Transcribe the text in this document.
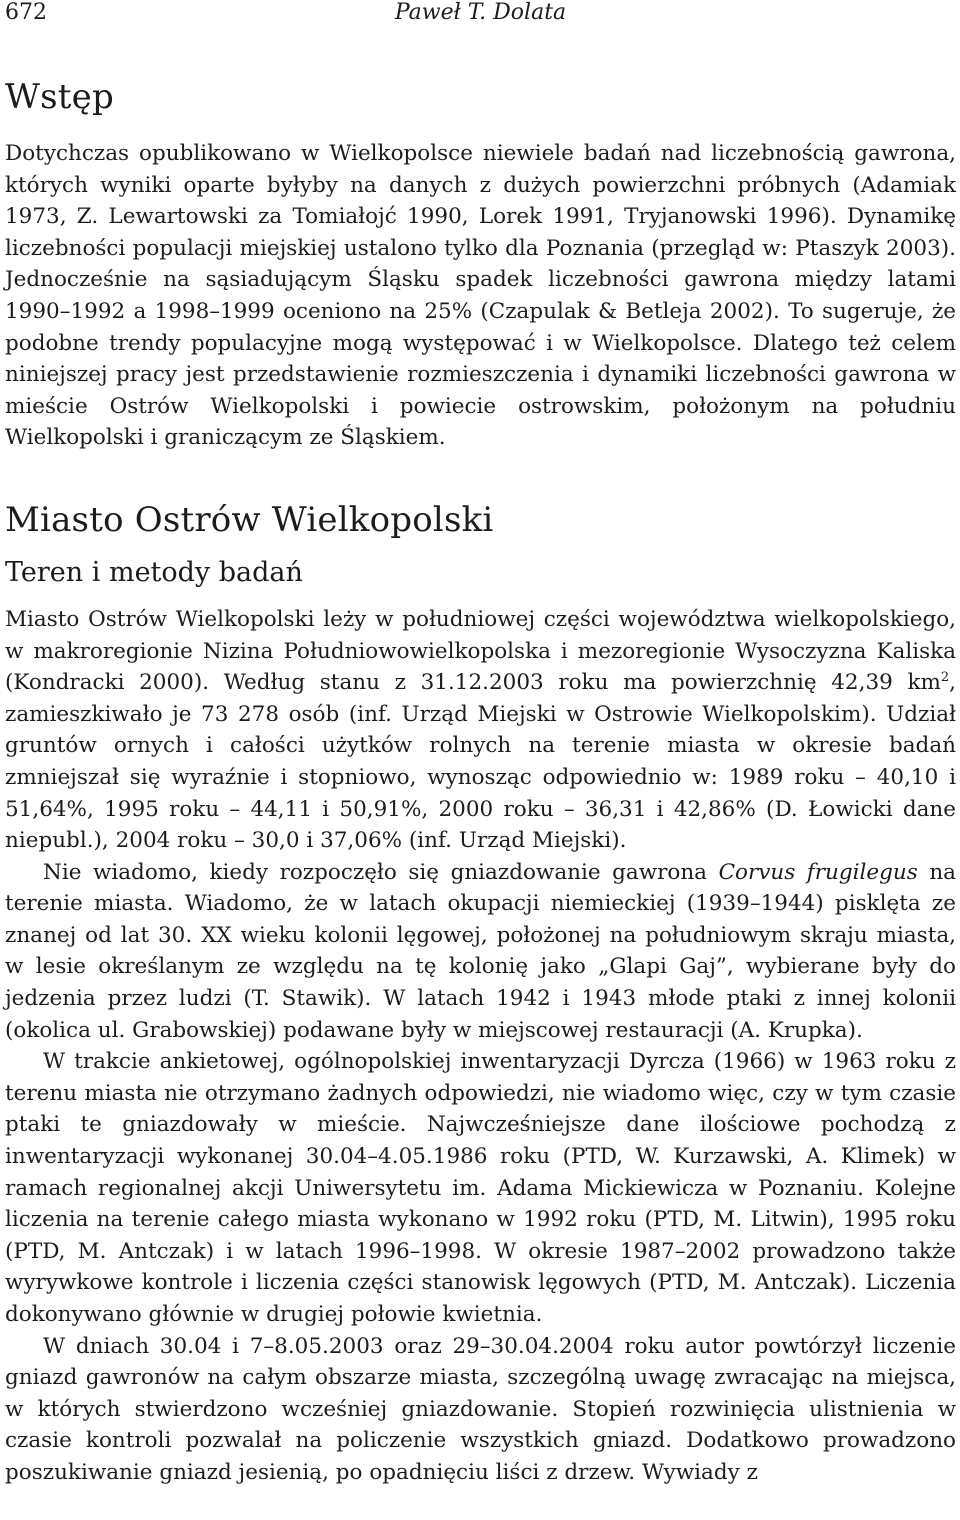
672	Paweł T. Dolata
Wstęp

Dotychczas opublikowano w Wielkopolsce niewiele badań nad liczebnością gawrona, których wyniki oparte byłyby na danych z dużych powierzchni próbnych (Adamiak 1973, Z. Lewartowski za Tomiałojć 1990, Lorek 1991, Tryjanowski 1996). Dynamikę liczebności populacji miejskiej ustalono tylko dla Poznania (przegląd w: Ptaszyk 2003). Jednocześnie na sąsiadującym Śląsku spadek liczebności gawrona między latami 1990–1992 a 1998–1999 oceniono na 25% (Czapulak & Betleja 2002). To sugeruje, że podobne trendy populacyjne mogą występować i w Wielkopolsce. Dlatego też celem niniejszej pracy jest przedstawienie rozmieszczenia i dynamiki liczebności gawrona w mieście Ostrów Wielkopolski i powiecie ostrowskim, położonym na południu Wielkopolski i graniczącym ze Śląskiem.

Miasto Ostrów Wielkopolski
Teren i metody badań

Miasto Ostrów Wielkopolski leży w południowej części województwa wielkopolskiego, w makroregionie Nizina Południowowielkopolska i mezoregionie Wysoczyzna Kaliska (Kondracki 2000). Według stanu z 31.12.2003 roku ma powierzchnię 42,39 $km^2$, zamieszkiwało je 73 278 osób (inf. Urząd Miejski w Ostrowie Wielkopolskim). Udział gruntów ornych i całości użytków rolnych na terenie miasta w okresie badań zmniejszał się wyraźnie i stopniowo, wynosząc odpowiednio w: 1989 roku – 40,10 i 51,64%, 1995 roku – 44,11 i 50,91%, 2000 roku – 36,31 i 42,86% (D. Łowicki dane niepubl.), 2004 roku – 30,0 i 37,06% (inf. Urząd Miejski).

Nie wiadomo, kiedy rozpoczęło się gniazdowanie gawrona Corvus frugilegus na terenie miasta. Wiadomo, że w latach okupacji niemieckiej (1939–1944) pisklęta ze znanej od lat 30. XX wieku kolonii lęgowej, położonej na południowym skraju miasta, w lesie określanym ze względu na tę kolonię jako „Glapi Gaj”, wybierane były do jedzenia przez ludzi (T. Stawik). W latach 1942 i 1943 młode ptaki z innej kolonii (okolica ul. Grabowskiej) podawane były w miejscowej restauracji (A. Krupka).

W trakcie ankietowej, ogólnopolskiej inwentaryzacji Dyrcza (1966) w 1963 roku z terenu miasta nie otrzymano żadnych odpowiedzi, nie wiadomo więc, czy w tym czasie ptaki te gniazdowały w mieście. Najwcześniejsze dane ilościowe pochodzą z inwentaryzacji wykonanej 30.04–4.05.1986 roku (PTD, W. Kurzawski, A. Klimek) w ramach regionalnej akcji Uniwersytetu im. Adama Mickiewicza w Poznaniu. Kolejne liczenia na terenie całego miasta wykonano w 1992 roku (PTD, M. Litwin), 1995 roku (PTD, M. Antczak) i w latach 1996–1998. W okresie 1987–2002 prowadzono także wyrywkowe kontrole i liczenia części stanowisk lęgowych (PTD, M. Antczak). Liczenia dokonywano głównie w drugiej połowie kwietnia.

W dniach 30.04 i 7–8.05.2003 oraz 29–30.04.2004 roku autor powtórzył liczenie gniazd gawronów na całym obszarze miasta, szczególną uwagę zwracając na miejsca, w których stwierdzono wcześniej gniazdowanie. Stopień rozwinięcia ulistnienia w czasie kontroli pozwalał na policzenie wszystkich gniazd. Dodatkowo prowadzono poszukiwanie gniazd jesienią, po opadnięciu liści z drzew. Wywiady z
